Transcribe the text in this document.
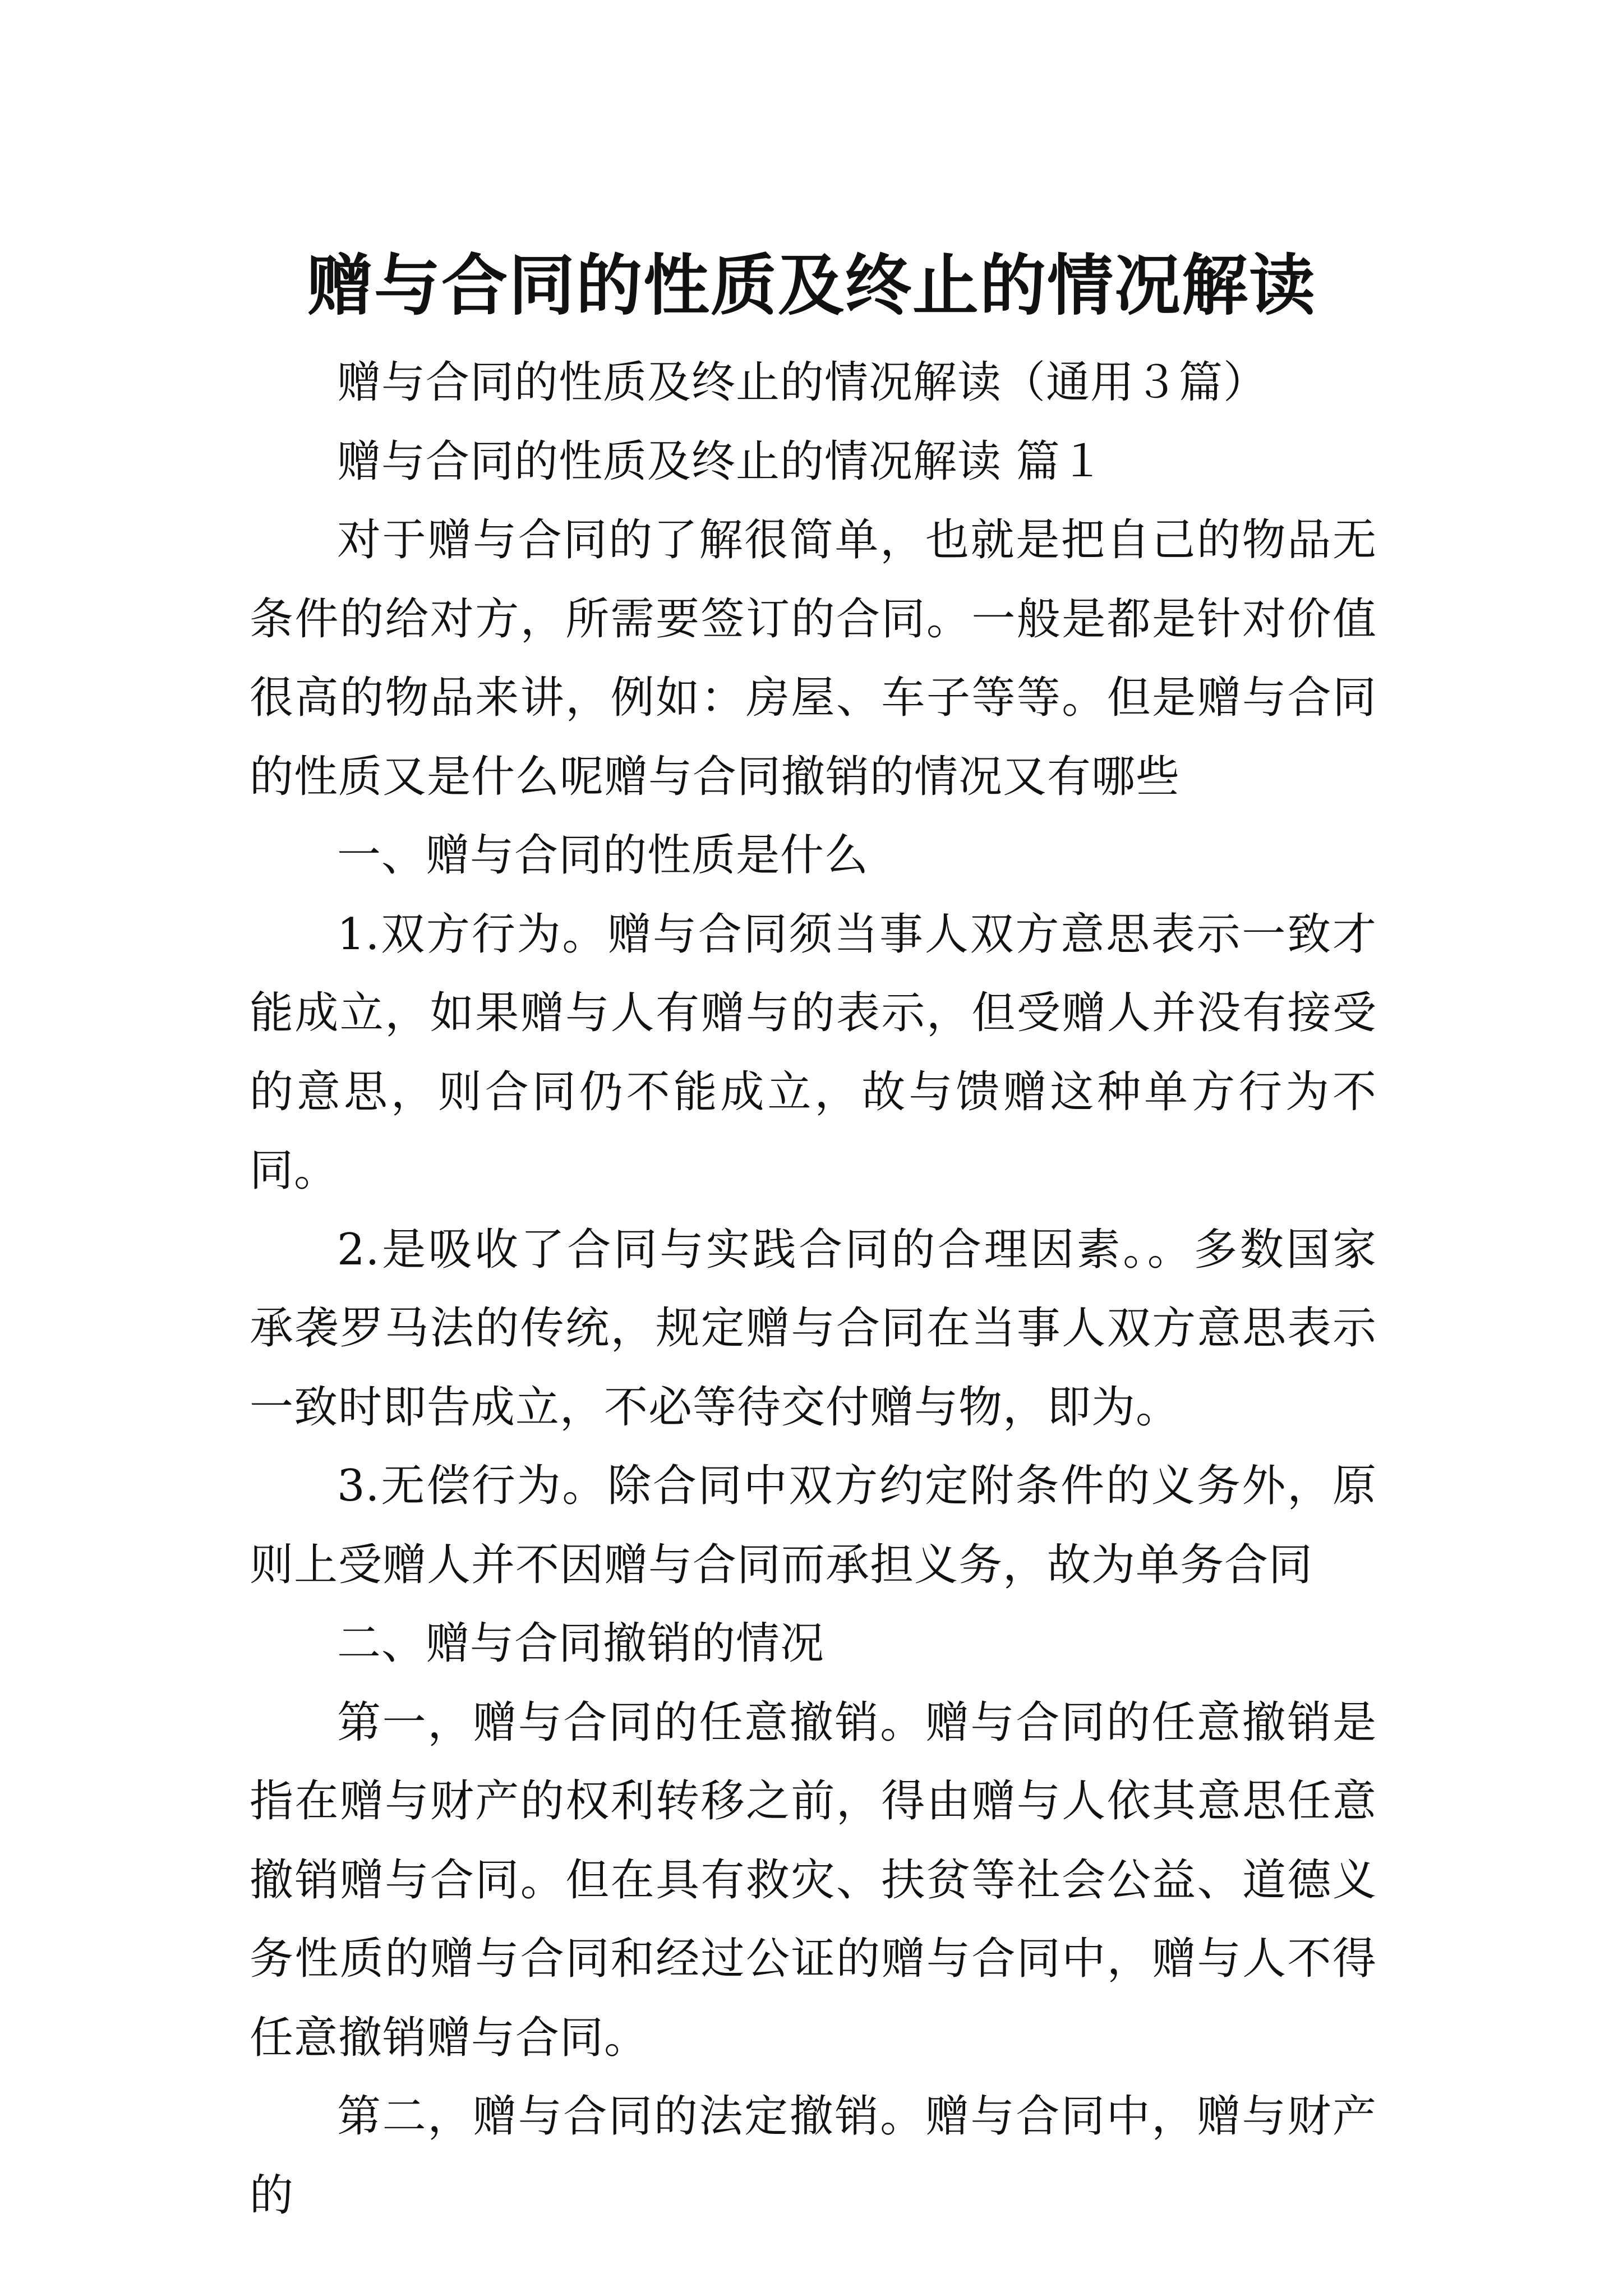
赠与合同的性质及终止的情况解读

赠与合同的性质及终止的情况解读（通用３篇）

赠与合同的性质及终止的情况解读 篇１

对于赠与合同的了解很简单，也就是把自己的物品无条件的给对方，所需要签订的合同。一般是都是针对价值很高的物品来讲，例如：房屋、车子等等。但是赠与合同的性质又是什么呢赠与合同撤销的情况又有哪些

一、赠与合同的性质是什么

1.双方行为。赠与合同须当事人双方意思表示一致才能成立，如果赠与人有赠与的表示，但受赠人并没有接受的意思，则合同仍不能成立，故与馈赠这种单方行为不同。

2.是吸收了合同与实践合同的合理因素。。多数国家承袭罗马法的传统，规定赠与合同在当事人双方意思表示一致时即告成立，不必等待交付赠与物，即为。

3.无偿行为。除合同中双方约定附条件的义务外，原则上受赠人并不因赠与合同而承担义务，故为单务合同

二、赠与合同撤销的情况

第一，赠与合同的任意撤销。赠与合同的任意撤销是指在赠与财产的权利转移之前，得由赠与人依其意思任意撤销赠与合同。但在具有救灾、扶贫等社会公益、道德义务性质的赠与合同和经过公证的赠与合同中，赠与人不得任意撤销赠与合同。

第二，赠与合同的法定撤销。赠与合同中，赠与财产的
